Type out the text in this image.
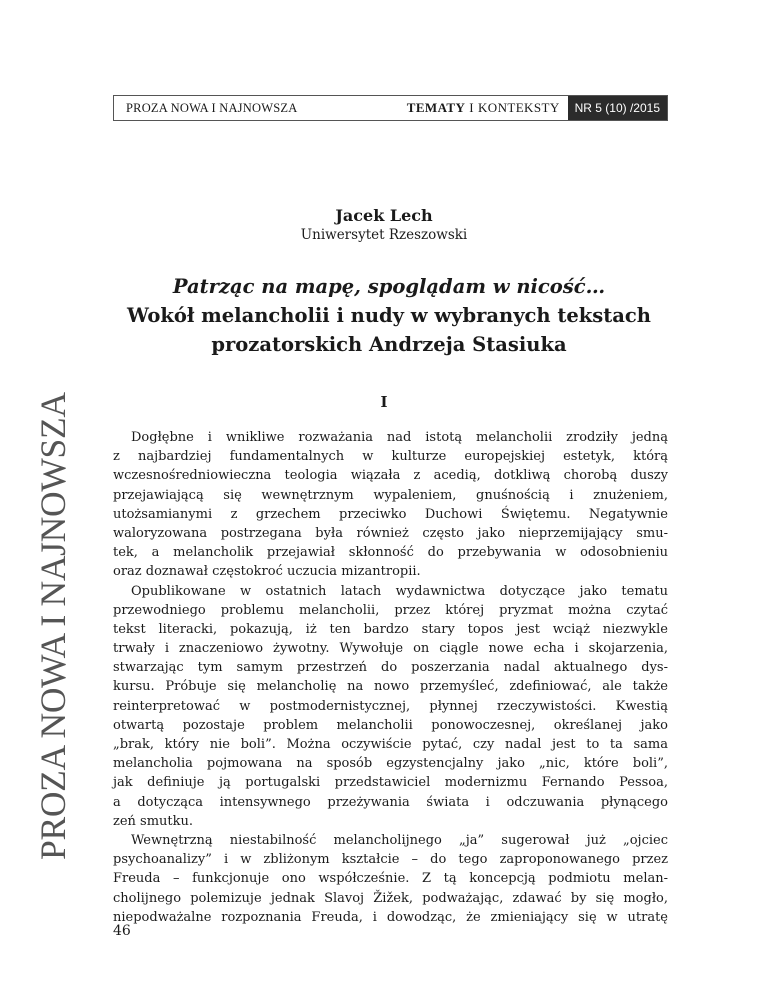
PROZA NOWA I NAJNOWSZA	TEMATY I KONTEKSTY	NR 5 (10) /2015
PROZA NOWA I NAJNOWSZA
Jacek Lech
Uniwersytet Rzeszowski
Patrząc na mapę, spoglądam w nicość…
Wokół melancholii i nudy w wybranych tekstach
prozatorskich Andrzeja Stasiuka
I
Dogłębne i wnikliwe rozważania nad istotą melancholii zrodziły jedną
z najbardziej fundamentalnych w kulturze europejskiej estetyk, którą
wczesnośredniowieczna teologia wiązała z acedią, dotkliwą chorobą duszy
przejawiającą się wewnętrznym wypaleniem, gnuśnością i znużeniem,
utożsamianymi z grzechem przeciwko Duchowi Świętemu. Negatywnie
waloryzowana postrzegana była również często jako nieprzemijający smu-
tek, a melancholik przejawiał skłonność do przebywania w odosobnieniu
oraz doznawał częstokroć uczucia mizantropii.
Opublikowane w ostatnich latach wydawnictwa dotyczące jako tematu
przewodniego problemu melancholii, przez której pryzmat można czytać
tekst literacki, pokazują, iż ten bardzo stary topos jest wciąż niezwykle
trwały i znaczeniowo żywotny. Wywołuje on ciągle nowe echa i skojarzenia,
stwarzając tym samym przestrzeń do poszerzania nadal aktualnego dys-
kursu. Próbuje się melancholię na nowo przemyśleć, zdefiniować, ale także
reinterpretować w postmodernistycznej, płynnej rzeczywistości. Kwestią
otwartą pozostaje problem melancholii ponowoczesnej, określanej jako
„brak, który nie boli”. Można oczywiście pytać, czy nadal jest to ta sama
melancholia pojmowana na sposób egzystencjalny jako „nic, które boli”,
jak definiuje ją portugalski przedstawiciel modernizmu Fernando Pessoa,
a dotycząca intensywnego przeżywania świata i odczuwania płynącego
zeń smutku.
Wewnętrzną niestabilność melancholijnego „ja” sugerował już „ojciec
psychoanalizy” i w zbliżonym kształcie – do tego zaproponowanego przez
Freuda – funkcjonuje ono współcześnie. Z tą koncepcją podmiotu melan-
cholijnego polemizuje jednak Slavoj Žižek, podważając, zdawać by się mogło,
niepodważalne rozpoznania Freuda, i dowodząc, że zmieniający się w utratę
46
